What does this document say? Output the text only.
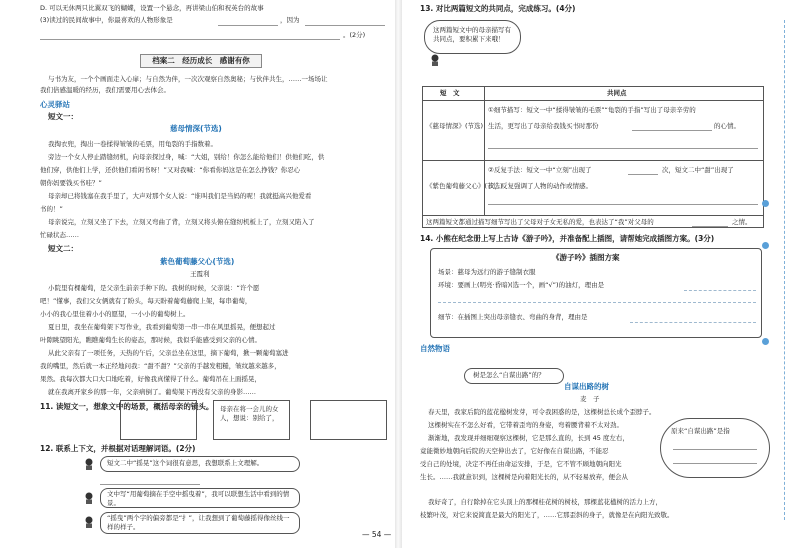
D. 可以无休两只比翼双飞的蝴蝶，设置一个悬念，再讲梁山伯和祝英台的故事
(3)读过的民间故事中，你最喜欢的人物形象是	，因为
。(2分)
档案二　经历成长　感谢有你
与书为友，一个个画面走入心扉；与自然为伴，一次次观察自然奥秘；与伙伴共生，……一场场让
我们倍感温暖的经历，我们需要用心去体会。
心灵驿站
短文一：
慈母情深(节选)
我掏衣兜，掏出一卷揉得皱皱的毛票，用龟裂的手指数着。
旁边一个女人停止踏缝纫机，向母亲探过身，喊：“大姐，别给！你怎么能给他们！供他们吃，供
他们穿，供他们上学，还供他们看闲书呀！”又对我喊：“你看你妈这是在怎么挣钱？你忍心
朝你妈要钱买书哇？”
母亲却已将钱塞在我手里了，大声对那个女人说：“谁叫我们是当妈的呢！我就挺高兴他爱看
书的！”
母亲说完，立刻又坐了下去，立刻又弯曲了背，立刻又将头俯在缝纫机板上了，立刻又陷入了
忙碌状态……
短文二：
紫色葡萄藤父心(节选)
王霞利
小院里有棵葡萄，是父亲生前亲手种下的。我树的时候，父亲说：“许个愿
吧！”懂事，我们父女俩就有了盼头，每天盼着葡萄藤爬上架，每串葡萄，
小小的我心里住着小小的愿望，一小小的葡萄树上。
夏日里，我坐在葡萄架下写作业，我看到葡萄第一串一串在风里摇晃，便想起过
叶隙眺望阳光，瞧瞧葡萄生长的姿态，那时候，我似乎能感受到父亲的心情。
从此父亲有了一项任务，天热的午后，父亲总坐在这里，摘下葡萄，揪一颗葡萄塞进
我的嘴里，然后就一本正经地问我：“甜不甜？”父亲的手越发粗糙，皱纹越来越多，
果然。我每次都大口大口地吃着，好像我真懂得了什么。葡萄吊在上面摇晃，
就在我离开家乡的那一年，父亲病倒了。葡萄架下再没有父亲的身影……
11. 读短文一，想象文中的场景，概括母亲的镜头。	母亲在将一会儿的女人，想说：别给了，
12. 联系上下文，并根据对话理解词语。(2分)
短文二中“摇晃”这个词很有意思，我想联系上文理解。
文中写“用葡萄摘在手空中摇曳着”，我可以联想生活中看到的情景。
“摇曳”两个字的偏旁都是“扌”，让我想到了葡萄藤摇得像丝线一样的样子。
13. 对比两篇短文的共同点，完成练习。(4分)
这两篇短文中的母亲描写有共同点，要积累下来哦！
短　文	共同点
《慈母情深》(节选)
①细节描写：短文一中“揉得皱皱的毛票”“龟裂的手指”写出了母亲辛劳的
生活，更写出了母亲给我钱买书时那份	的心情。
《紫色葡萄藤父心》(节选)
②反复手法：短文一中“立刻”出现了	次，短文二中“甜”出现了
次，反复强调了人物的动作或情感。
这两篇短文都通过描写细节写出了父母对子女无私的爱，也表达了“我”对父母的	之情。
14. 小熊在纪念册上写上古诗《游子吟》，并准备配上插图，请帮她完成插图方案。(3分)
《游子吟》插图方案
场景：慈母为远行的游子缝制衣服
环境：要画上(明亮·昏暗)(选一个，画“√”)的油灯，理由是
细节：在插图上突出母亲缝衣、弯曲的身背，理由是
自然物语
树是怎么“自谋出路”的？
自谋出路的树
麦　子
春天里，我家后院的蓝花楹树发芽，可令我困惑的是，这棵树总长成个歪脖子。
这棵树实在不怎么好看，它带着歪弯的身姿，弯着腰背着不太对劲。
渐渐地，我发现并细细观察这棵树，它是那么直的，长到 45 度左右，
竟能微妙地朝向后院的天空伸出去了，它好像在自谋出路，不能忍
受自己的处境，决定不再任由命运安排，于是，它不管不顾地朝向阳光
生长。……我就意识到，这棵树是向着阳光长的，从不轻易放弃，便会从
我好奇了，自行除掉在它头顶上的那棵桂花树的树枝，那棵蓝花楹树的活力上方，
枝繁叶茂，对它来说简直是最大的阳光了，……它那歪斜的身子，就像是在向阳光致敬。
原来“自谋出路”是指
— 54 —
